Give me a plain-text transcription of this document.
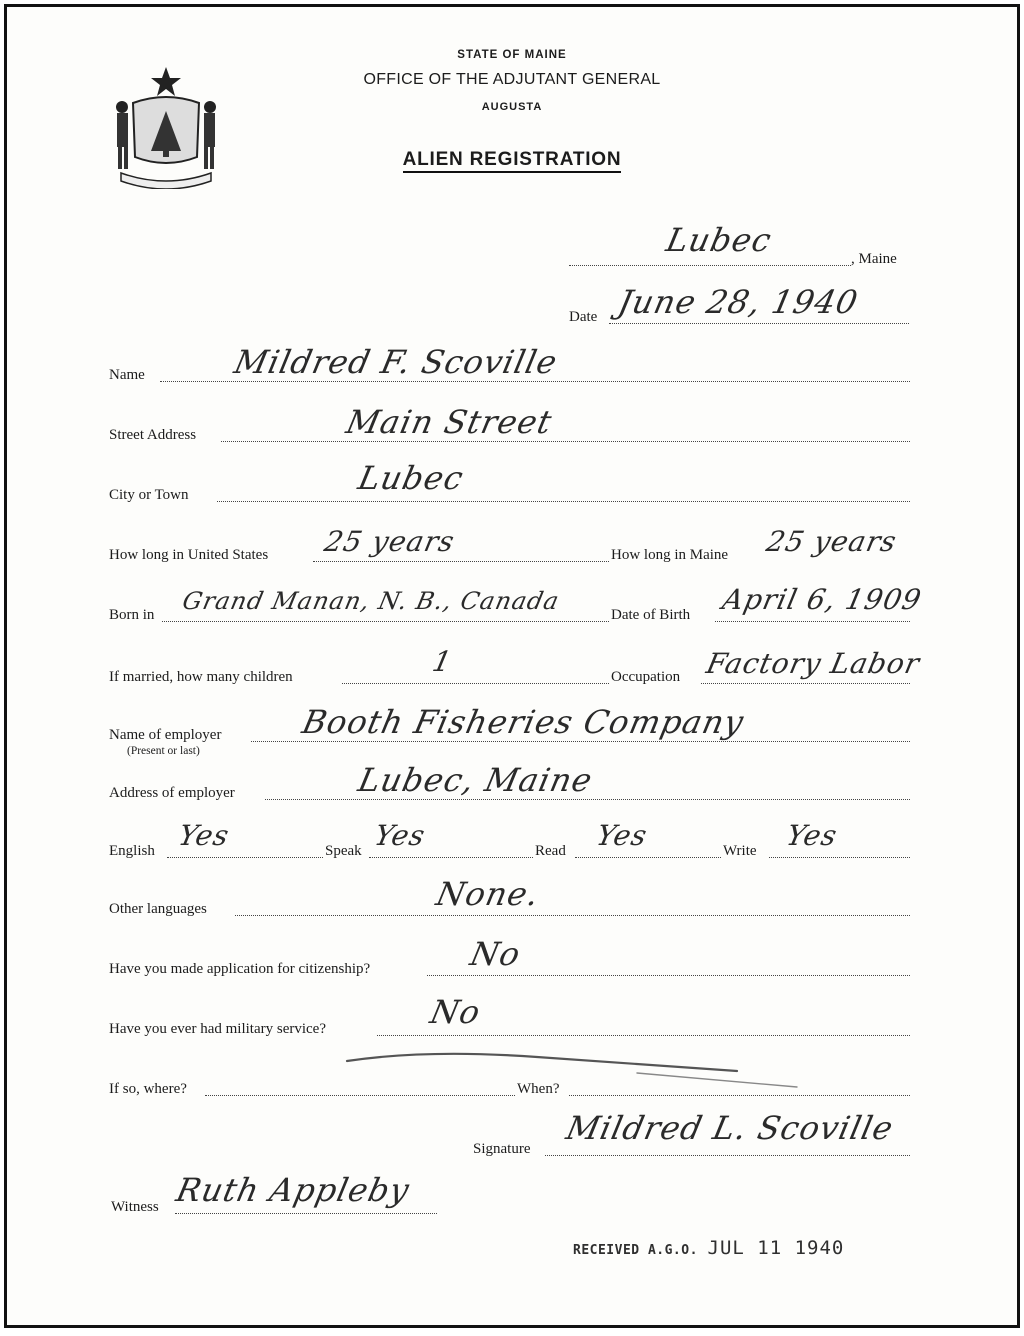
STATE OF MAINE
OFFICE OF THE ADJUTANT GENERAL
AUGUSTA
ALIEN REGISTRATION
Lubec	, Maine
Date June 28, 1940
Name	Mildred F. Scoville
Street Address	Main Street
City or Town	Lubec
How long in United States 25 years	How long in Maine 25 years
Born in Grand Manan, N. B., Canada	Date of Birth April 6, 1909
If married, how many children	1	Occupation Factory Labor
Name of employer
(Present or last)
Booth Fisheries Company
Address of employer	Lubec, Maine
English Yes	Speak Yes	Read Yes	Write Yes
Other languages	None.
Have you made application for citizenship?	No
Have you ever had military service?	No
If so, where?	When?
Signature
Mildred L. Scoville
Witness Ruth Appleby
RECEIVED A.G.O. JUL 11 1940
